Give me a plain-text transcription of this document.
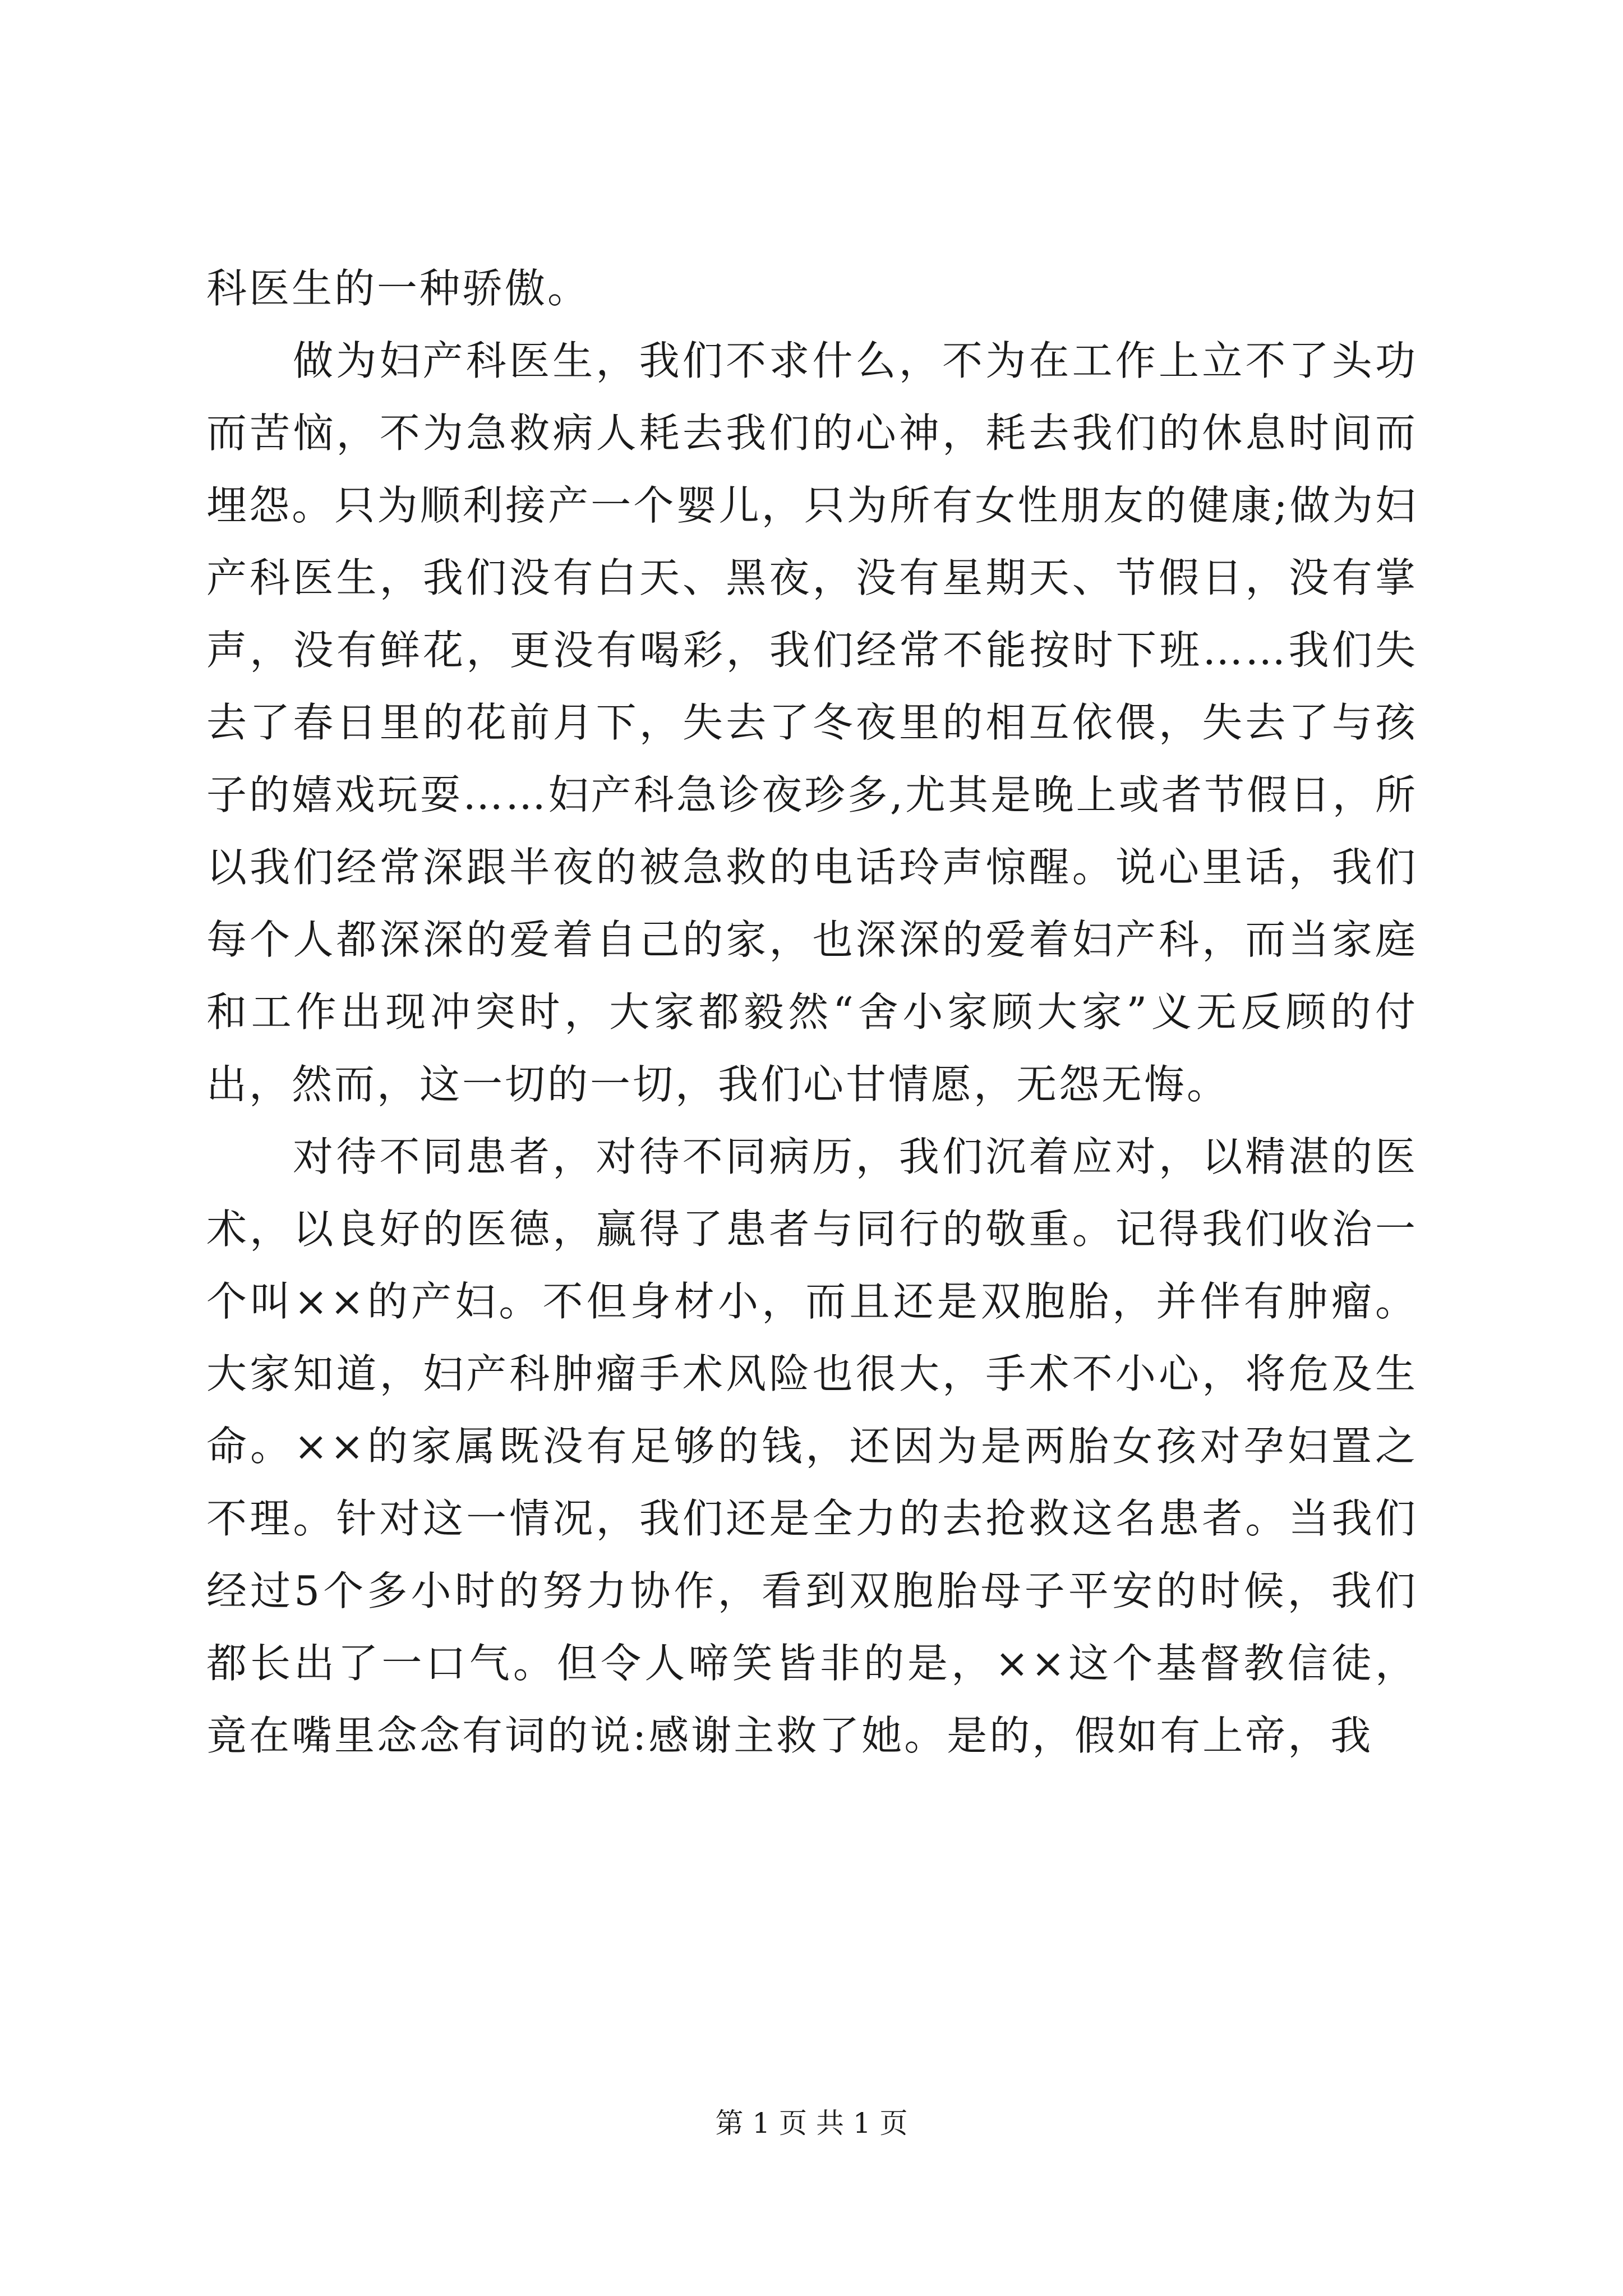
科医生的一种骄傲。

做为妇产科医生，我们不求什么，不为在工作上立不了头功而苦恼，不为急救病人耗去我们的心神，耗去我们的休息时间而埋怨。只为顺利接产一个婴儿，只为所有女性朋友的健康;做为妇产科医生，我们没有白天、黑夜，没有星期天、节假日，没有掌声，没有鲜花，更没有喝彩，我们经常不能按时下班……我们失去了春日里的花前月下，失去了冬夜里的相互依偎，失去了与孩子的嬉戏玩耍……妇产科急诊夜珍多,尤其是晚上或者节假日，所以我们经常深跟半夜的被急救的电话玲声惊醒。说心里话，我们每个人都深深的爱着自己的家，也深深的爱着妇产科，而当家庭和工作出现冲突时，大家都毅然“舍小家顾大家”义无反顾的付出，然而，这一切的一切，我们心甘情愿，无怨无悔。

对待不同患者，对待不同病历，我们沉着应对，以精湛的医术，以良好的医德，赢得了患者与同行的敬重。记得我们收治一个叫××的产妇。不但身材小，而且还是双胞胎，并伴有肿瘤。大家知道，妇产科肿瘤手术风险也很大，手术不小心，将危及生命。××的家属既没有足够的钱，还因为是两胎女孩对孕妇置之不理。针对这一情况，我们还是全力的去抢救这名患者。当我们经过5个多小时的努力协作，看到双胞胎母子平安的时候，我们都长出了一口气。但令人啼笑皆非的是，××这个基督教信徒，竟在嘴里念念有词的说:感谢主救了她。是的，假如有上帝，我

第 1 页 共 1 页
